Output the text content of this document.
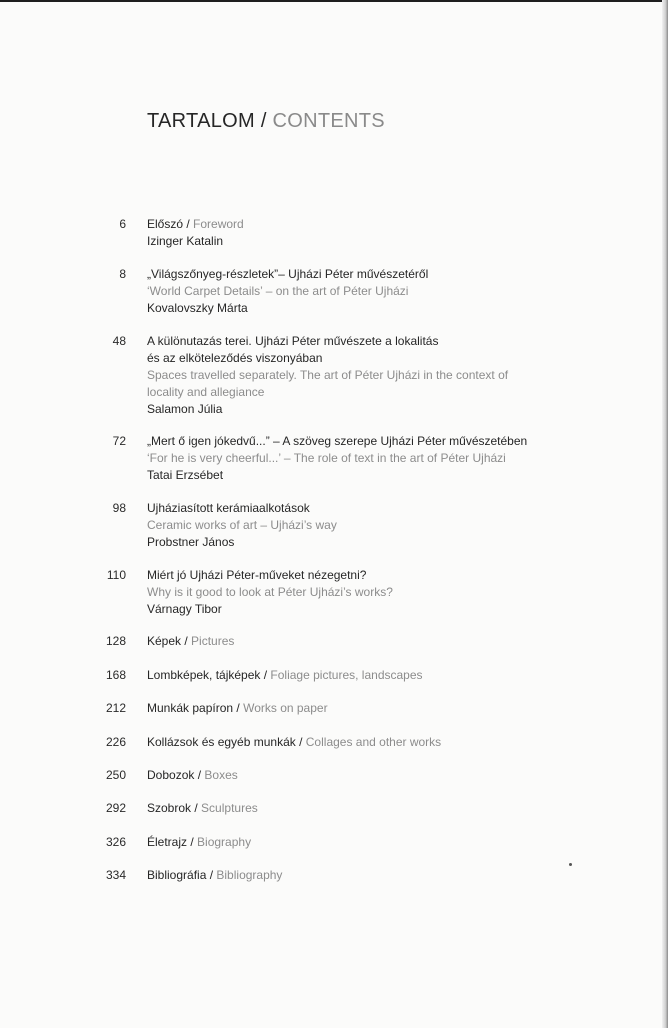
TARTALOM / CONTENTS
6 Előszó / Foreword
Izinger Katalin
8 „Világszőnyeg-részletek”– Ujházi Péter művészetéről
‘World Carpet Details’ – on the art of Péter Ujházi
Kovalovszky Márta
48 A különutazás terei. Ujházi Péter művészete a lokalitás
és az elköteleződés viszonyában
Spaces travelled separately. The art of Péter Ujházi in the context of
locality and allegiance
Salamon Júlia
72 „Mert ő igen jókedvű...” – A szöveg szerepe Ujházi Péter művészetében
‘For he is very cheerful...’ – The role of text in the art of Péter Ujházi
Tatai Erzsébet
98 Ujháziasított kerámiaalkotások
Ceramic works of art – Ujházi’s way
Probstner János
110 Miért jó Ujházi Péter-műveket nézegetni?
Why is it good to look at Péter Ujházi’s works?
Várnagy Tibor
128 Képek / Pictures
168 Lombképek, tájképek / Foliage pictures, landscapes
212 Munkák papíron / Works on paper
226 Kollázsok és egyéb munkák / Collages and other works
250 Dobozok / Boxes
292 Szobrok / Sculptures
326 Életrajz / Biography
334 Bibliográfia / Bibliography
